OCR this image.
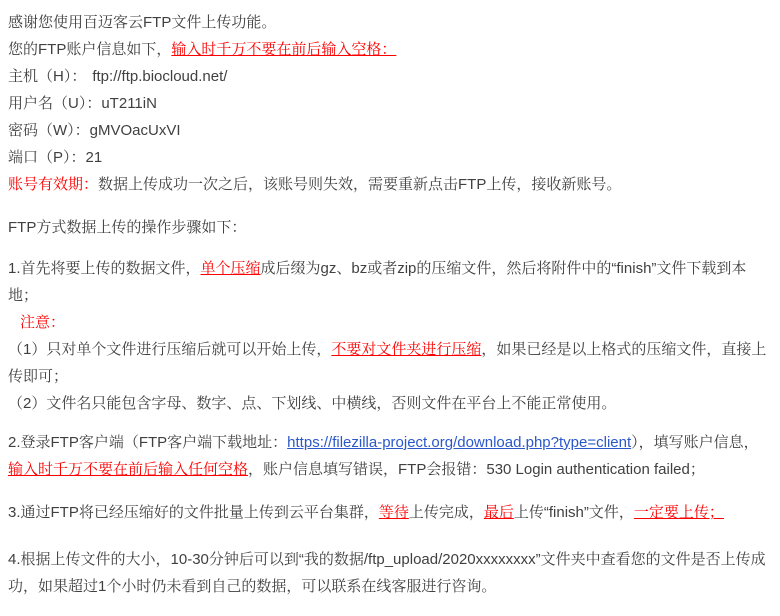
感谢您使用百迈客云FTP文件上传功能。
您的FTP账户信息如下，输入时千万不要在前后输入空格：
主机（H）： ftp://ftp.biocloud.net/
用户名（U）：uT211iN
密码（W）：gMVOacUxVI
端口（P）：21
账号有效期：数据上传成功一次之后，该账号则失效，需要重新点击FTP上传，接收新账号。
FTP方式数据上传的操作步骤如下：

1.首先将要上传的数据文件，单个压缩成后缀为gz、bz或者zip的压缩文件，然后将附件中的“finish”文件下载到本地；

注意：

（1）只对单个文件进行压缩后就可以开始上传，不要对文件夹进行压缩，如果已经是以上格式的压缩文件，直接上传即可；

（2）文件名只能包含字母、数字、点、下划线、中横线，否则文件在平台上不能正常使用。

2.登录FTP客户端（FTP客户端下载地址：https://filezilla-project.org/download.php?type=client），填写账户信息，输入时千万不要在前后输入任何空格，账户信息填写错误，FTP会报错：530 Login authentication failed；

3.通过FTP将已经压缩好的文件批量上传到云平台集群，等待上传完成，最后上传“finish”文件，一定要上传；

4.根据上传文件的大小，10-30分钟后可以到“我的数据/ftp_upload/2020xxxxxxxx”文件夹中查看您的文件是否上传成功，如果超过1个小时仍未看到自己的数据，可以联系在线客服进行咨询。
